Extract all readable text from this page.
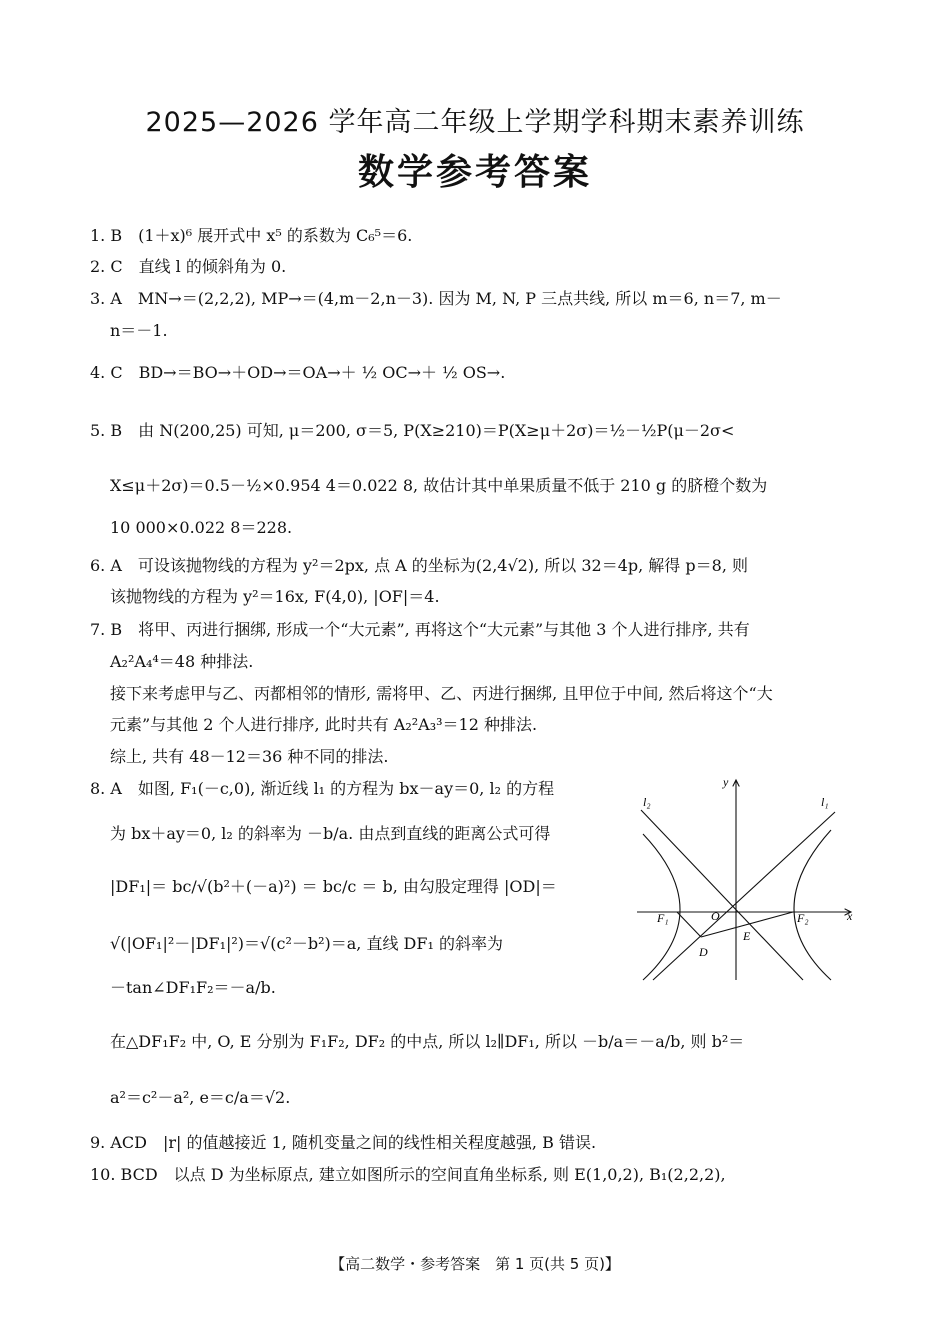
2025—2026 学年高二年级上学期学科期末素养训练
数学参考答案
1. B　(1＋x)⁶ 展开式中 x⁵ 的系数为 C₆⁵＝6.
2. C　直线 l 的倾斜角为 0.
3. A　MN→＝(2,2,2), MP→＝(4,m－2,n－3). 因为 M, N, P 三点共线, 所以 m＝6, n＝7, m－
n＝－1.
4. C　BD→＝BO→＋OD→＝OA→＋ ½ OC→＋ ½ OS→.
5. B　由 N(200,25) 可知, μ＝200, σ＝5, P(X≥210)＝P(X≥μ＋2σ)＝½－½P(μ－2σ<
X≤μ＋2σ)＝0.5－½×0.954 4＝0.022 8, 故估计其中单果质量不低于 210 g 的脐橙个数为
10 000×0.022 8＝228.
6. A　可设该抛物线的方程为 y²＝2px, 点 A 的坐标为(2,4√2), 所以 32＝4p, 解得 p＝8, 则
该抛物线的方程为 y²＝16x, F(4,0), |OF|＝4.
7. B　将甲、丙进行捆绑, 形成一个“大元素”, 再将这个“大元素”与其他 3 个人进行排序, 共有
A₂²A₄⁴＝48 种排法.
接下来考虑甲与乙、丙都相邻的情形, 需将甲、乙、丙进行捆绑, 且甲位于中间, 然后将这个“大
元素”与其他 2 个人进行排序, 此时共有 A₂²A₃³＝12 种排法.
综上, 共有 48－12＝36 种不同的排法.
8. A　如图, F₁(－c,0), 渐近线 l₁ 的方程为 bx－ay＝0, l₂ 的方程
为 bx＋ay＝0, l₂ 的斜率为 －b/a. 由点到直线的距离公式可得
|DF₁|＝ bc/√(b²＋(－a)²) ＝ bc/c ＝ b, 由勾股定理得 |OD|＝
√(|OF₁|²－|DF₁|²)＝√(c²－b²)＝a, 直线 DF₁ 的斜率为
－tan∠DF₁F₂＝－a/b.
在△DF₁F₂ 中, O, E 分别为 F₁F₂, DF₂ 的中点, 所以 l₂∥DF₁, 所以 －b/a＝－a/b, 则 b²＝
a²＝c²－a², e＝c/a＝√2.
9. ACD　|r| 的值越接近 1, 随机变量之间的线性相关程度越强, B 错误.
10. BCD　以点 D 为坐标原点, 建立如图所示的空间直角坐标系, 则 E(1,0,2), B₁(2,2,2),
y
x
l₁
l₂
F₁	F₂
O
E
D
【高二数学・参考答案　第 1 页(共 5 页)】
